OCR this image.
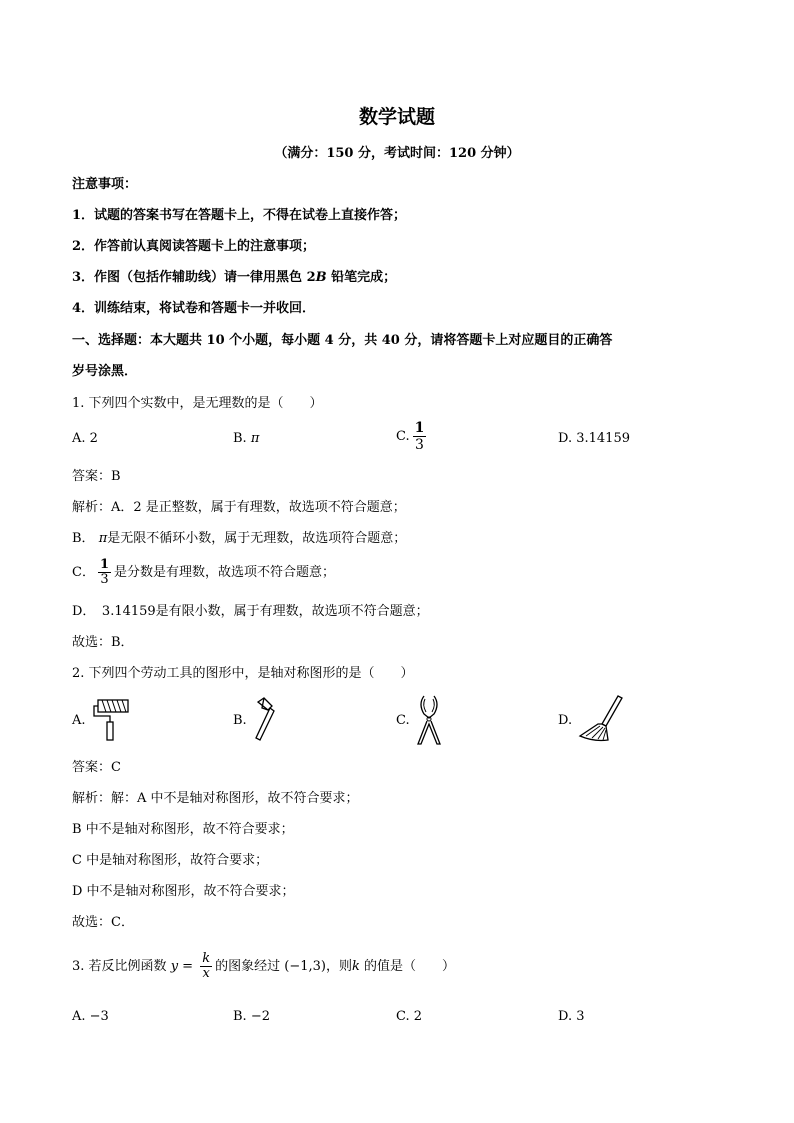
数学试题
（满分：150 分，考试时间：120 分钟）
注意事项：
1．试题的答案书写在答题卡上，不得在试卷上直接作答；
2．作答前认真阅读答题卡上的注意事项；
3．作图（包括作辅助线）请一律用黑色 2B 铅笔完成；
4．训练结束，将试卷和答题卡一并收回．
一、选择题：本大题共 10 个小题，每小题 4 分，共 40 分，请将答题卡上对应题目的正确答
岁号涂黑．
1. 下列四个实数中，是无理数的是（　　）
A. 2	B. π	C. $\frac{1}{3}$	D. 3.14159
答案：B
解析：A．2 是正整数，属于有理数，故选项不符合题意；
B． π是无限不循环小数，属于无理数，故选项符合题意；
C． $\frac{1}{3}$ 是分数是有理数，故选项不符合题意；
D．　3.14159是有限小数，属于有理数，故选项不符合题意；
故选：B．
2. 下列四个劳动工具的图形中，是轴对称图形的是（　　）
A.	B.	C.	D.
答案：C
解析：解：A 中不是轴对称图形，故不符合要求；
B 中不是轴对称图形，故不符合要求；
C 中是轴对称图形，故符合要求；
D 中不是轴对称图形，故不符合要求；
故选：C．
3. 若反比例函数 $y = \frac{k}{x}$ 的图象经过 (−1,3)，则k 的值是（　　）
A. −3	B. −2	C. 2	D. 3
